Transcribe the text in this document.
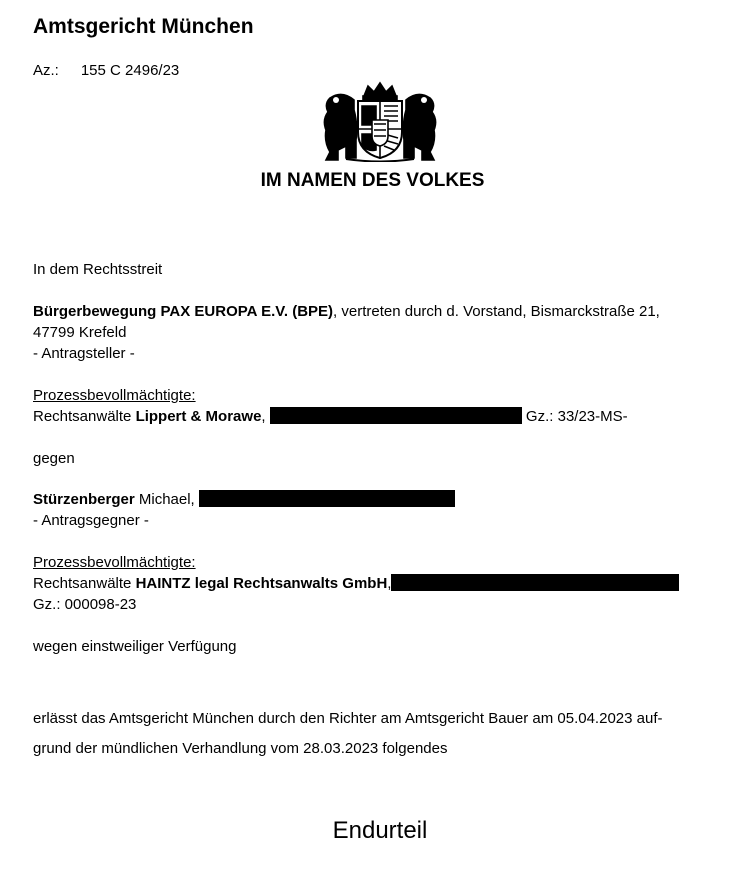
Amtsgericht München
Az.: 155 C 2496/23
IM NAMEN DES VOLKES
In dem Rechtsstreit
Bürgerbewegung PAX EUROPA E.V. (BPE), vertreten durch d. Vorstand, Bismarckstraße 21,
47799 Krefeld
- Antragsteller -
Prozessbevollmächtigte:
Rechtsanwälte Lippert & Morawe,	Gz.: 33/23-MS-
gegen
Stürzenberger Michael,
- Antragsgegner -
Prozessbevollmächtigte:
Rechtsanwälte HAINTZ legal Rechtsanwalts GmbH,
Gz.: 000098-23
wegen einstweiliger Verfügung
erlässt das Amtsgericht München durch den Richter am Amtsgericht Bauer am 05.04.2023 auf-
grund der mündlichen Verhandlung vom 28.03.2023 folgendes
Endurteil
